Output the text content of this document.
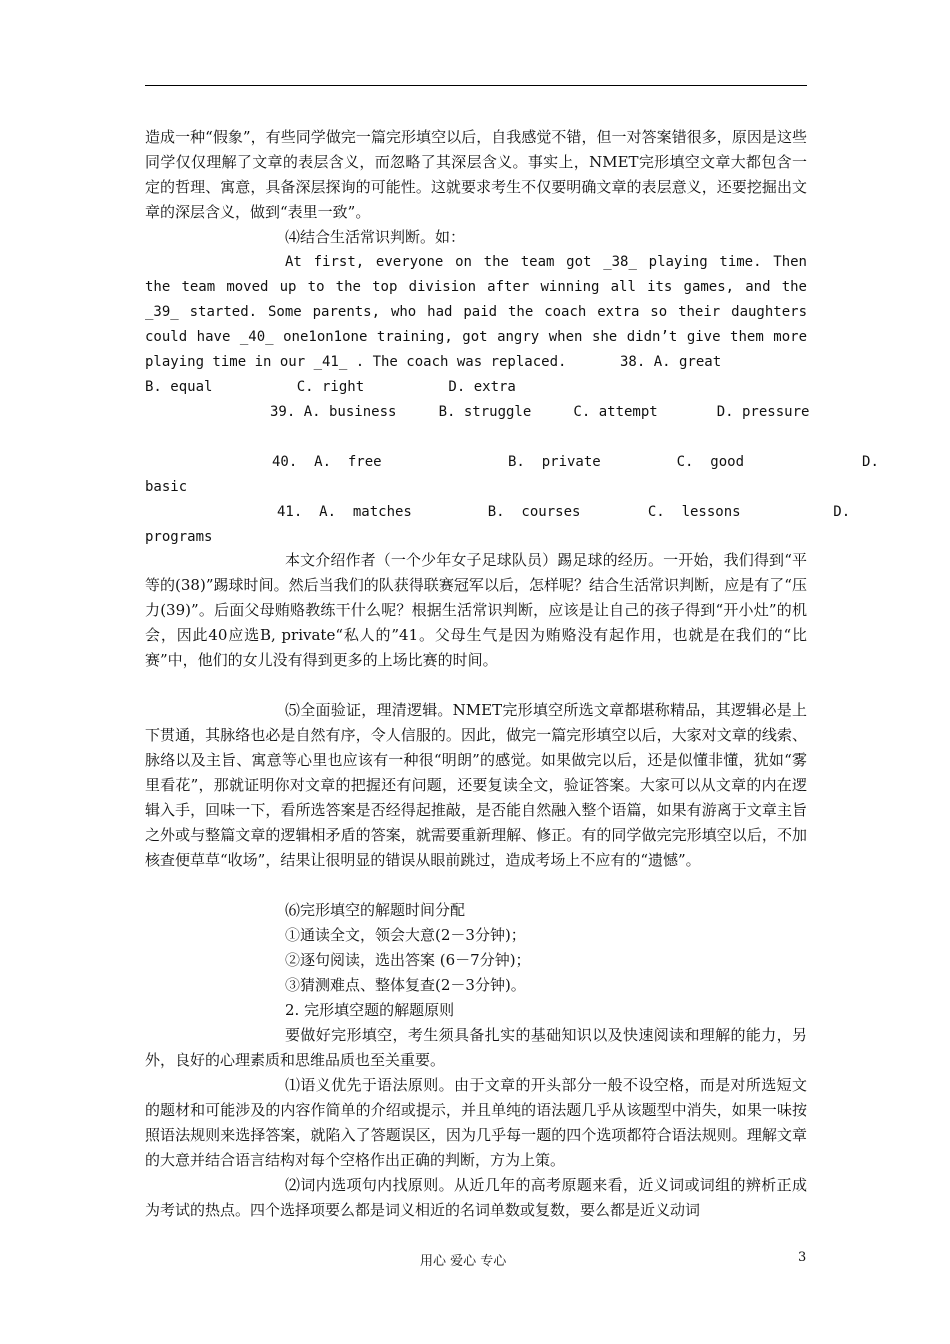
造成一种“假象”，有些同学做完一篇完形填空以后，自我感觉不错，但一对答案错很多，原因是这些同学仅仅理解了文章的表层含义，而忽略了其深层含义。事实上，NMET完形填空文章大都包含一定的哲理、寓意，具备深层探询的可能性。这就要求考生不仅要明确文章的表层意义，还要挖掘出文章的深层含义，做到“表里一致”。

⑷结合生活常识判断。如：

At first, everyone on the team got _38_ playing time. Then the team moved up to the top division after winning all its games, and the _39_ started. Some parents, who had paid the coach extra so their daughters could have _40_ one1on1one training, got angry when she didn’t give them more playing time in our _41_ . The coach was replaced.	38. A. great

B. equal          C. right          D. extra

39. A. business     B. struggle     C. attempt       D. pressure

40.  A.  free               B.  private         C.  good              D.

basic

41.  A.  matches         B.  courses        C.  lessons           D.

programs

本文介绍作者（一个少年女子足球队员）踢足球的经历。一开始，我们得到“平等的(38)”踢球时间。然后当我们的队获得联赛冠军以后，怎样呢？结合生活常识判断，应是有了“压力(39)”。后面父母贿赂教练干什么呢？根据生活常识判断，应该是让自己的孩子得到“开小灶”的机会，因此40应选B, private“私人的”41。父母生气是因为贿赂没有起作用，也就是在我们的“比赛”中，他们的女儿没有得到更多的上场比赛的时间。

⑸全面验证，理清逻辑。NMET完形填空所选文章都堪称精品，其逻辑必是上下贯通，其脉络也必是自然有序，令人信服的。因此，做完一篇完形填空以后，大家对文章的线索、脉络以及主旨、寓意等心里也应该有一种很“明朗”的感觉。如果做完以后，还是似懂非懂，犹如“雾里看花”，那就证明你对文章的把握还有问题，还要复读全文，验证答案。大家可以从文章的内在逻辑入手，回味一下，看所选答案是否经得起推敲，是否能自然融入整个语篇，如果有游离于文章主旨之外或与整篇文章的逻辑相矛盾的答案，就需要重新理解、修正。有的同学做完完形填空以后，不加核查便草草“收场”，结果让很明显的错误从眼前跳过，造成考场上不应有的“遗憾”。

⑹完形填空的解题时间分配

①通读全文，领会大意(2－3分钟)；

②逐句阅读，选出答案 (6－7分钟)；

③猜测难点、整体复查(2－3分钟)。

2. 完形填空题的解题原则

要做好完形填空，考生须具备扎实的基础知识以及快速阅读和理解的能力，另外，良好的心理素质和思维品质也至关重要。

⑴语义优先于语法原则。由于文章的开头部分一般不设空格，而是对所选短文的题材和可能涉及的内容作简单的介绍或提示，并且单纯的语法题几乎从该题型中消失，如果一味按照语法规则来选择答案，就陷入了答题误区，因为几乎每一题的四个选项都符合语法规则。理解文章的大意并结合语言结构对每个空格作出正确的判断，方为上策。

⑵词内选项句内找原则。从近几年的高考原题来看，近义词或词组的辨析正成为考试的热点。四个选择项要么都是词义相近的名词单数或复数，要么都是近义动词

用心 爱心 专心	3
